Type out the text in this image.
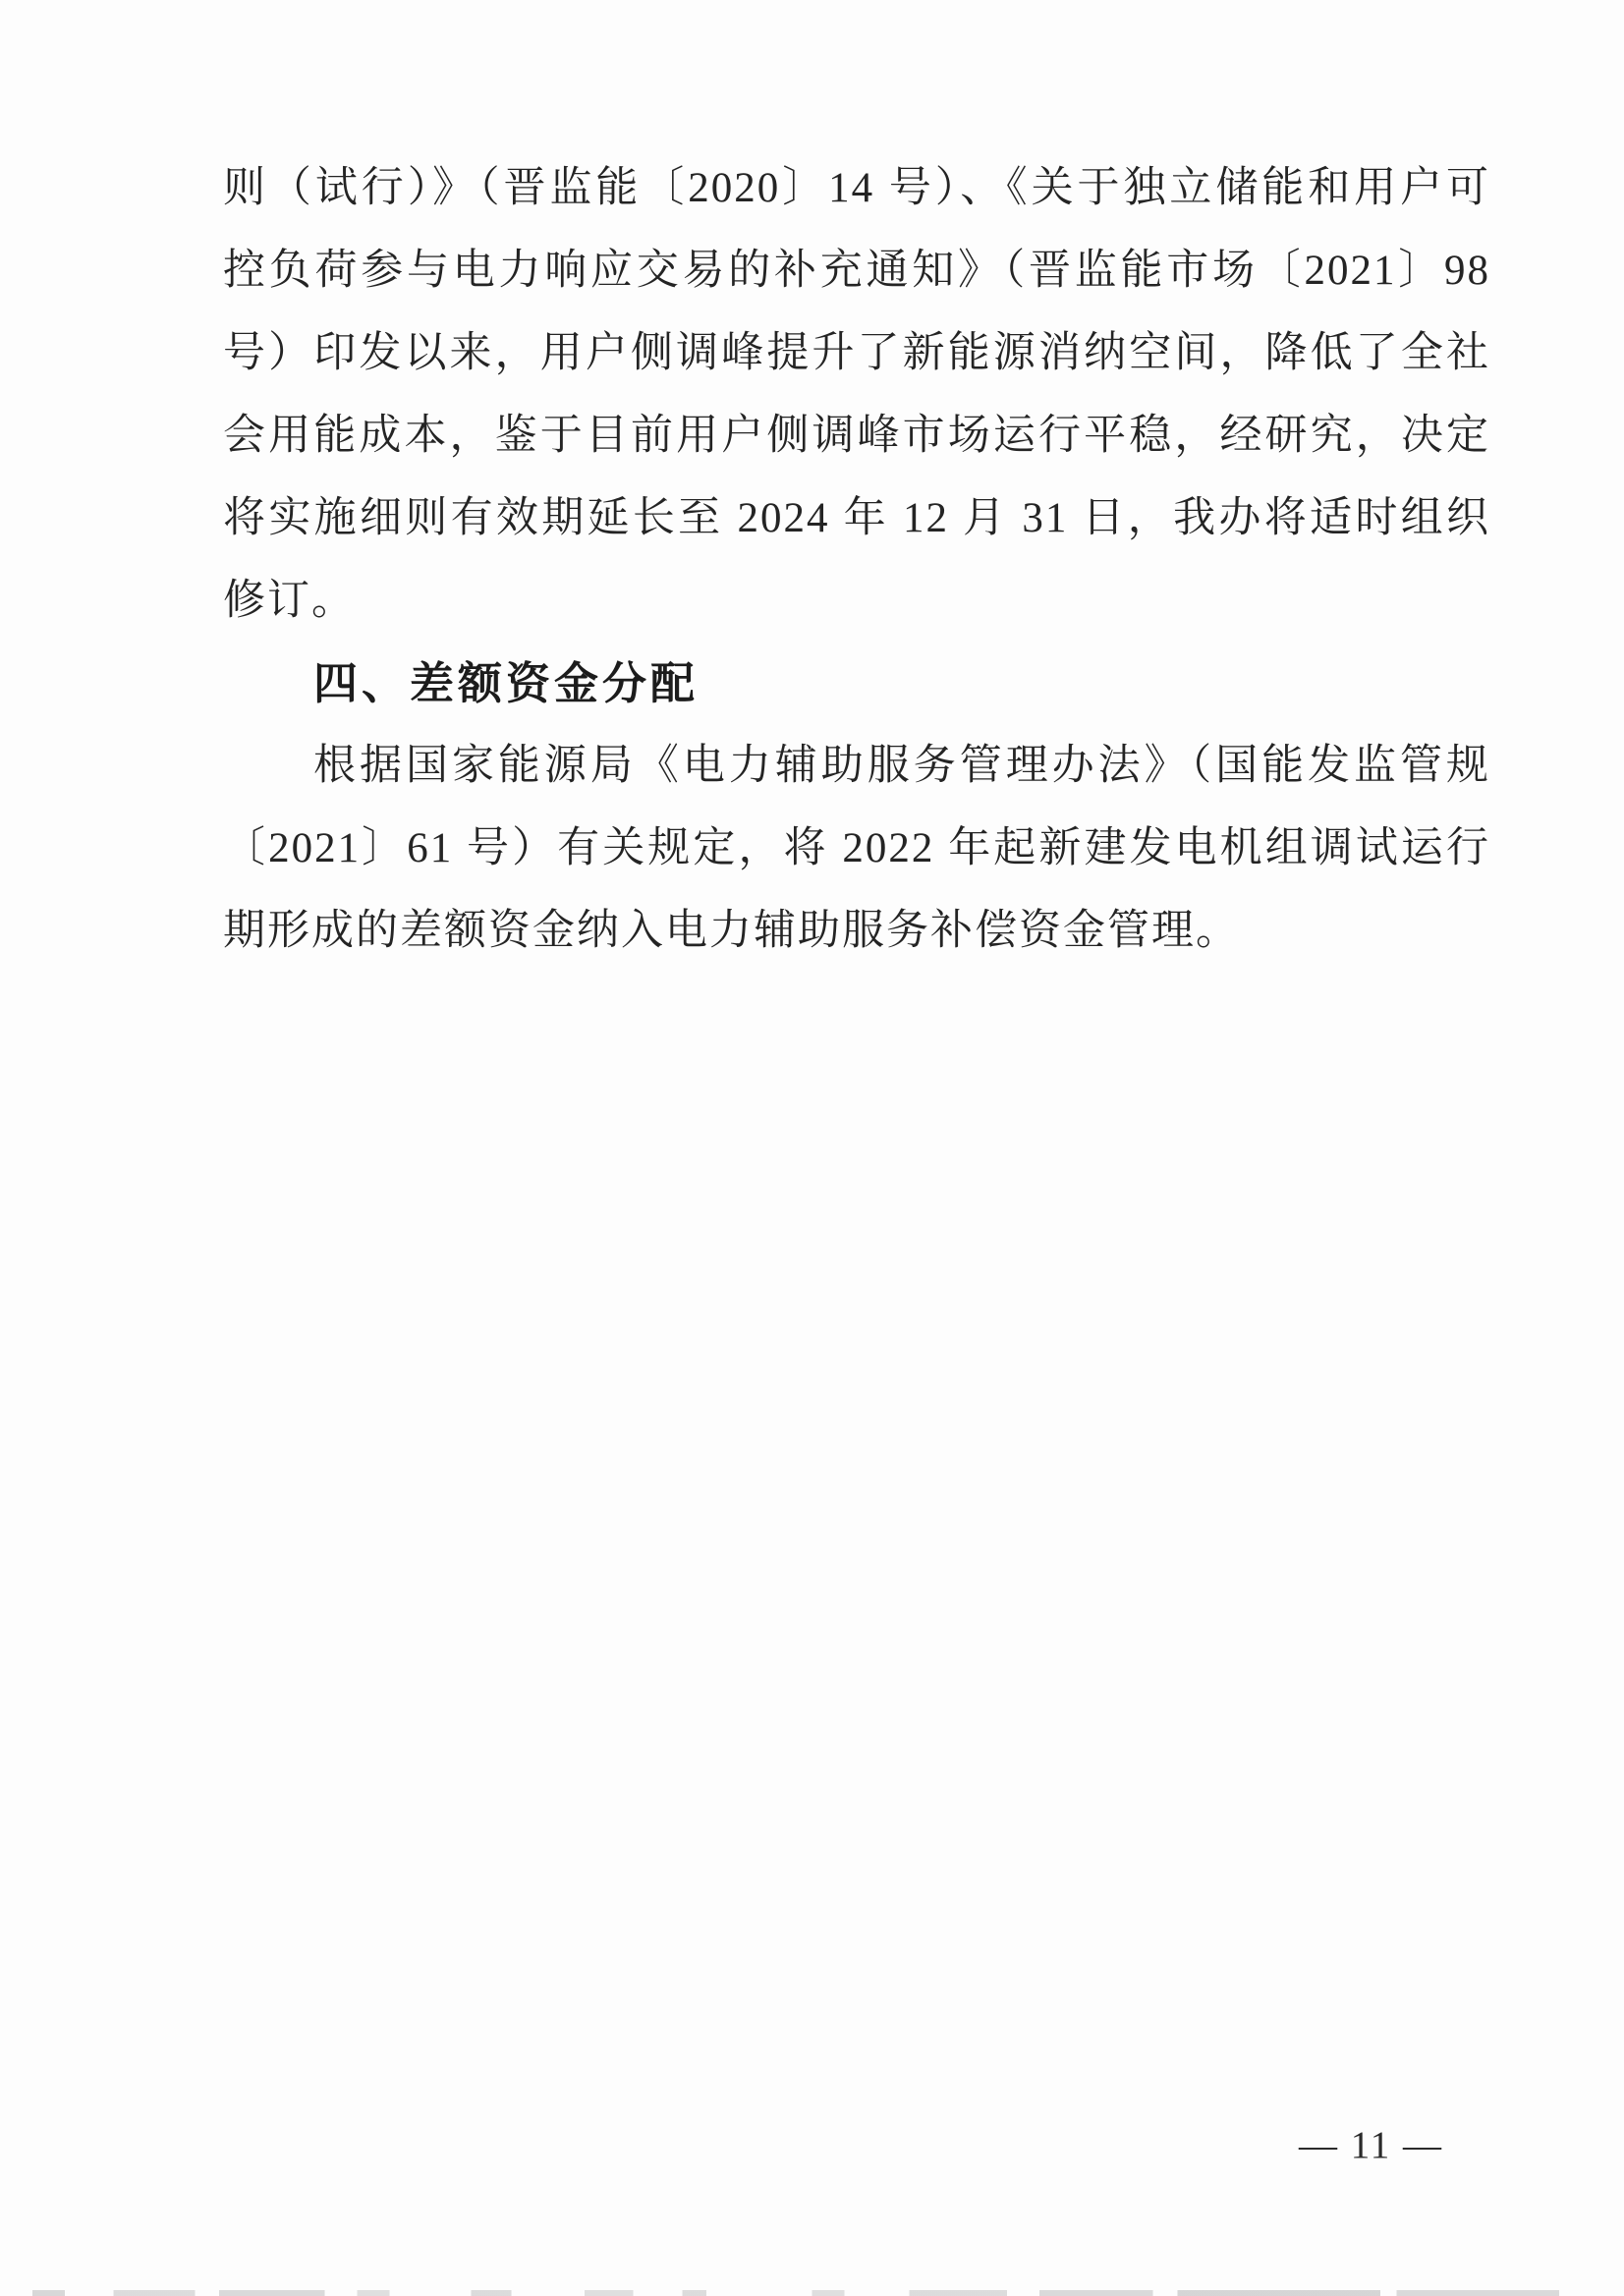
则（试行）》（晋监能〔2020〕14 号）、《关于独立储能和用户可
控负荷参与电力响应交易的补充通知》（晋监能市场〔2021〕98
号）印发以来，用户侧调峰提升了新能源消纳空间，降低了全社
会用能成本，鉴于目前用户侧调峰市场运行平稳，经研究，决定
将实施细则有效期延长至 2024 年 12 月 31 日，我办将适时组织
修订。
四、差额资金分配
根据国家能源局《电力辅助服务管理办法》（国能发监管规
〔2021〕61 号）有关规定，将 2022 年起新建发电机组调试运行
期形成的差额资金纳入电力辅助服务补偿资金管理。
— 11 —
